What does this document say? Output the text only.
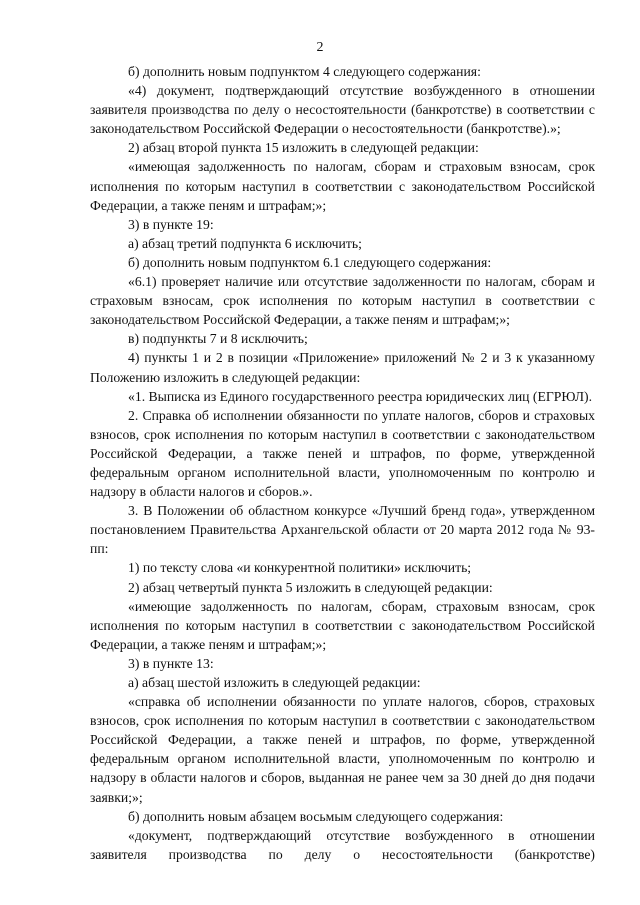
2

б) дополнить новым подпунктом 4 следующего содержания:

«4) документ, подтверждающий отсутствие возбужденного в отношении заявителя производства по делу о несостоятельности (банкротстве) в соответствии с законодательством Российской Федерации о несостоятельности (банкротстве).»;

2) абзац второй пункта 15 изложить в следующей редакции:

«имеющая задолженность по налогам, сборам и страховым взносам, срок исполнения по которым наступил в соответствии с законодательством Российской Федерации, а также пеням и штрафам;»;

3) в пункте 19:

а) абзац третий подпункта 6 исключить;

б) дополнить новым подпунктом 6.1 следующего содержания:

«6.1) проверяет наличие или отсутствие задолженности по налогам, сборам и страховым взносам, срок исполнения по которым наступил в соответствии с законодательством Российской Федерации, а также пеням и штрафам;»;

в) подпункты 7 и 8 исключить;

4) пункты 1 и 2 в позиции «Приложение» приложений № 2 и 3 к указанному Положению изложить в следующей редакции:

«1. Выписка из Единого государственного реестра юридических лиц (ЕГРЮЛ).

2. Справка об исполнении обязанности по уплате налогов, сборов и страховых взносов, срок исполнения по которым наступил в соответствии с законодательством Российской Федерации, а также пеней и штрафов, по форме, утвержденной федеральным органом исполнительной власти, уполномоченным по контролю и надзору в области налогов и сборов.».

3. В Положении об областном конкурсе «Лучший бренд года», утвержденном постановлением Правительства Архангельской области от 20 марта 2012 года № 93-пп:

1) по тексту слова «и конкурентной политики» исключить;

2) абзац четвертый пункта 5 изложить в следующей редакции:

«имеющие задолженность по налогам, сборам, страховым взносам, срок исполнения по которым наступил в соответствии с законодательством Российской Федерации, а также пеням и штрафам;»;

3) в пункте 13:

а) абзац шестой изложить в следующей редакции:

«справка об исполнении обязанности по уплате налогов, сборов, страховых взносов, срок исполнения по которым наступил в соответствии с законодательством Российской Федерации, а также пеней и штрафов, по форме, утвержденной федеральным органом исполнительной власти, уполномоченным по контролю и надзору в области налогов и сборов, выданная не ранее чем за 30 дней до дня подачи заявки;»;

б) дополнить новым абзацем восьмым следующего содержания:

«документ, подтверждающий отсутствие возбужденного в отношении заявителя производства по делу о несостоятельности (банкротстве)
